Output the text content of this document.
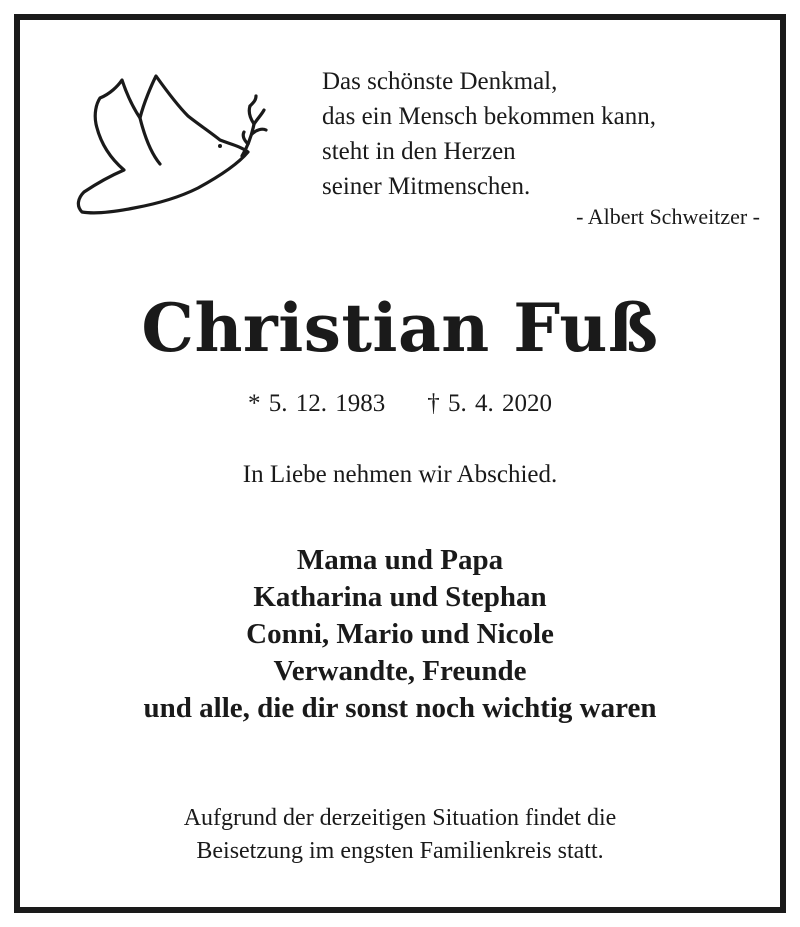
Das schönste Denkmal,
das ein Mensch bekommen kann,
steht in den Herzen
seiner Mitmenschen.
- Albert Schweitzer -
Christian Fuß
* 5. 12. 1983 † 5. 4. 2020
In Liebe nehmen wir Abschied.
Mama und Papa
Katharina und Stephan
Conni, Mario und Nicole
Verwandte, Freunde
und alle, die dir sonst noch wichtig waren
Aufgrund der derzeitigen Situation findet die
Beisetzung im engsten Familienkreis statt.
